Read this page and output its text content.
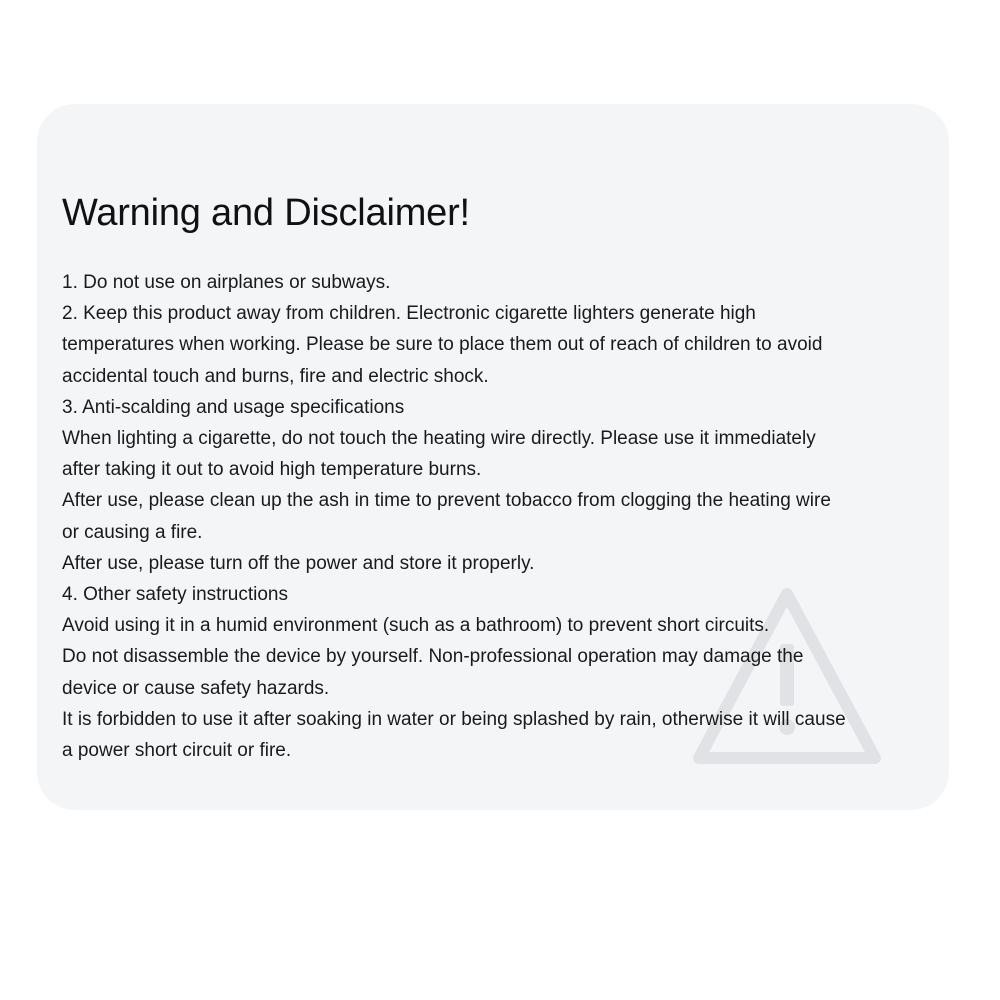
Warning and Disclaimer!
1. Do not use on airplanes or subways.
2. Keep this product away from children. Electronic cigarette lighters generate high
temperatures when working. Please be sure to place them out of reach of children to avoid
accidental touch and burns, fire and electric shock.
3. Anti-scalding and usage specifications
When lighting a cigarette, do not touch the heating wire directly. Please use it immediately
after taking it out to avoid high temperature burns.
After use, please clean up the ash in time to prevent tobacco from clogging the heating wire
or causing a fire.
After use, please turn off the power and store it properly.
4. Other safety instructions
Avoid using it in a humid environment (such as a bathroom) to prevent short circuits.
Do not disassemble the device by yourself. Non-professional operation may damage the
device or cause safety hazards.
It is forbidden to use it after soaking in water or being splashed by rain, otherwise it will cause
a power short circuit or fire.
